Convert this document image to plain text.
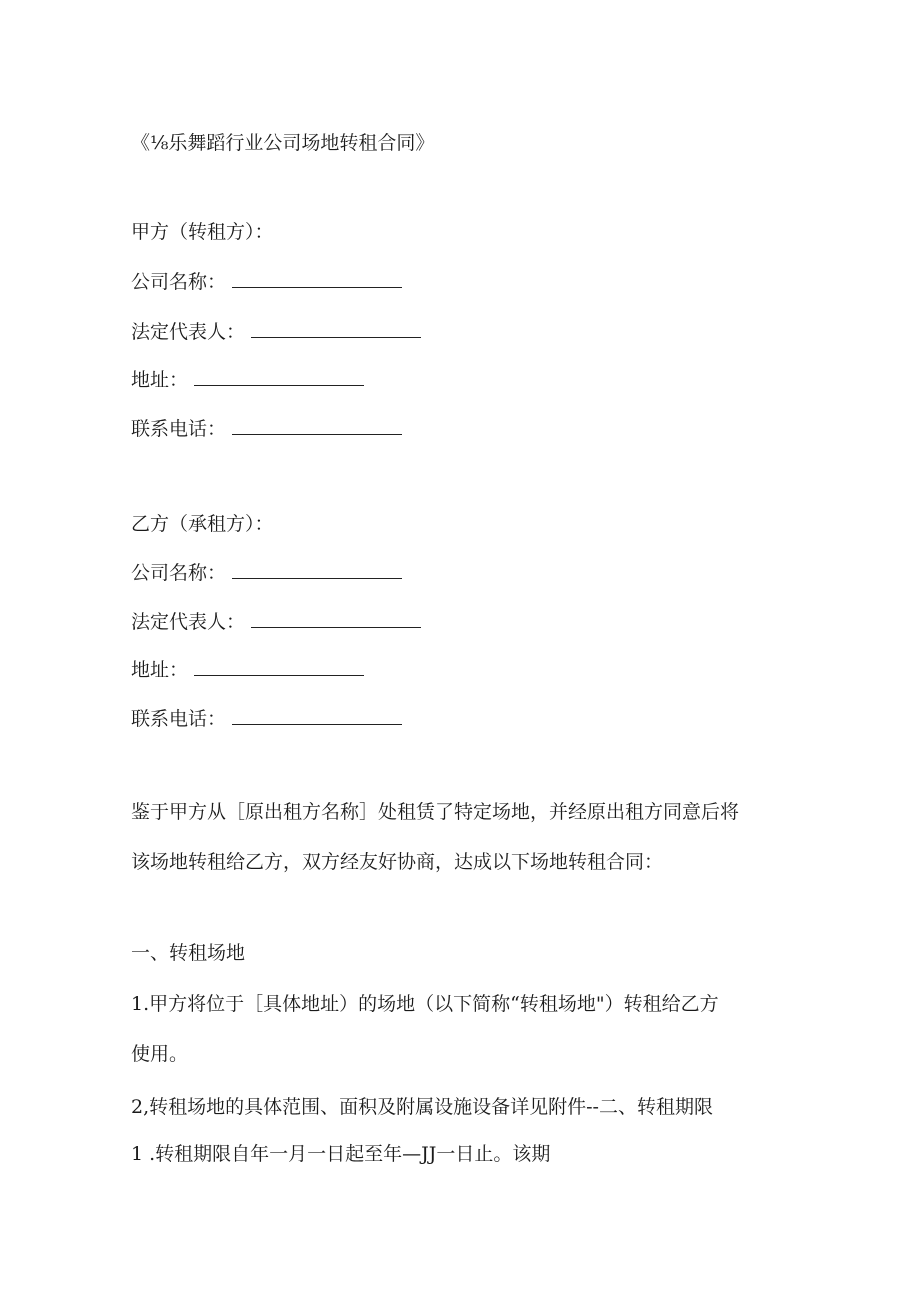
《⅛乐舞蹈行业公司场地转租合同》
甲方（转租方）：
公司名称：
法定代表人：
地址：
联系电话：
乙方（承租方）：
公司名称：
法定代表人：
地址：
联系电话：
鉴于甲方从［原出租方名称］处租赁了特定场地，并经原出租方同意后将
该场地转租给乙方，双方经友好协商，达成以下场地转租合同：
一、转租场地
1.甲方将位于［具体地址）的场地（以下简称“转租场地"）转租给乙方
使用。
2,转租场地的具体范围、面积及附属设施设备详见附件--二、转租期限
1 .转租期限自年一月一日起至年—JJ一日止。该期
